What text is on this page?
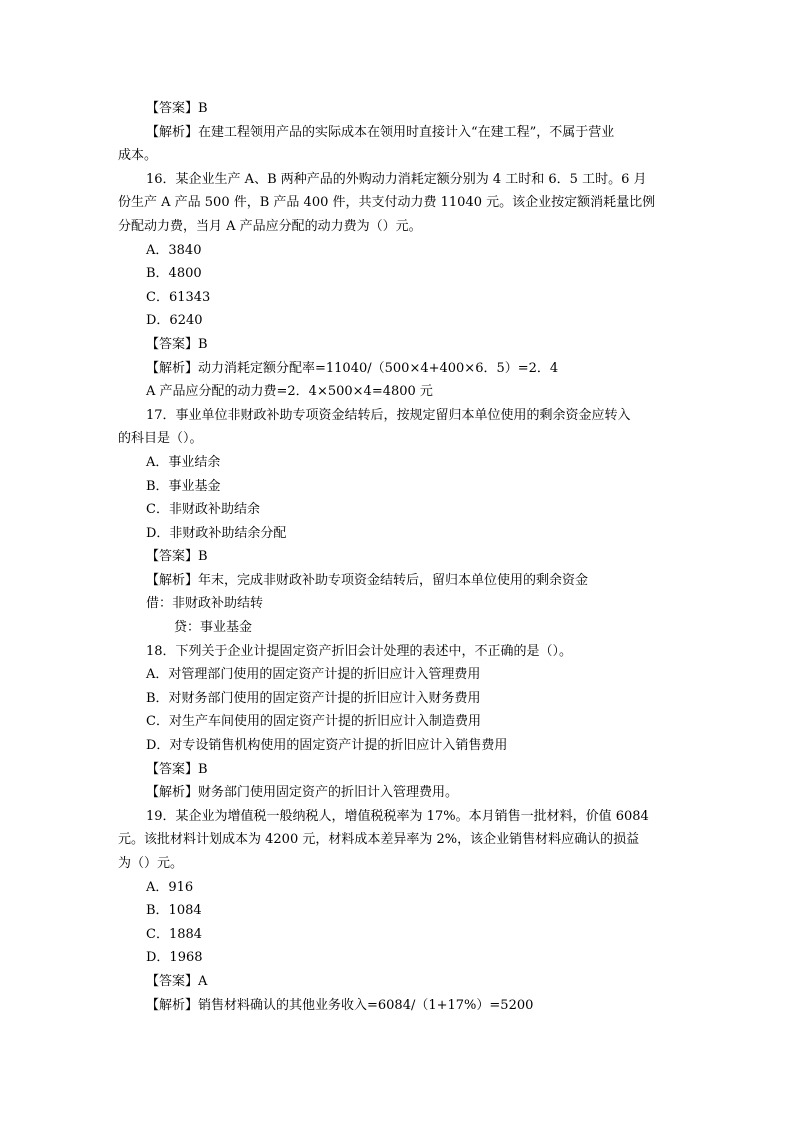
【答案】B
【解析】在建工程领用产品的实际成本在领用时直接计入“在建工程”，不属于营业
成本。
16．某企业生产 A、B 两种产品的外购动力消耗定额分别为 4 工时和 6．5 工时。6 月
份生产 A 产品 500 件，B 产品 400 件，共支付动力费 11040 元。该企业按定额消耗量比例
分配动力费，当月 A 产品应分配的动力费为（）元。
A．3840
B．4800
C．61343
D．6240
【答案】B
【解析】动力消耗定额分配率=11040/（500×4+400×6．5）=2．4
A 产品应分配的动力费=2．4×500×4=4800 元
17．事业单位非财政补助专项资金结转后，按规定留归本单位使用的剩余资金应转入
的科目是（）。
A．事业结余
B．事业基金
C．非财政补助结余
D．非财政补助结余分配
【答案】B
【解析】年末，完成非财政补助专项资金结转后，留归本单位使用的剩余资金
借：非财政补助结转
贷：事业基金
18．下列关于企业计提固定资产折旧会计处理的表述中，不正确的是（）。
A．对管理部门使用的固定资产计提的折旧应计入管理费用
B．对财务部门使用的固定资产计提的折旧应计入财务费用
C．对生产车间使用的固定资产计提的折旧应计入制造费用
D．对专设销售机构使用的固定资产计提的折旧应计入销售费用
【答案】B
【解析】财务部门使用固定资产的折旧计入管理费用。
19．某企业为增值税一般纳税人，增值税税率为 17%。本月销售一批材料，价值 6084
元。该批材料计划成本为 4200 元，材料成本差异率为 2%，该企业销售材料应确认的损益
为（）元。
A．916
B．1084
C．1884
D．1968
【答案】A
【解析】销售材料确认的其他业务收入=6084/（1+17%）=5200
